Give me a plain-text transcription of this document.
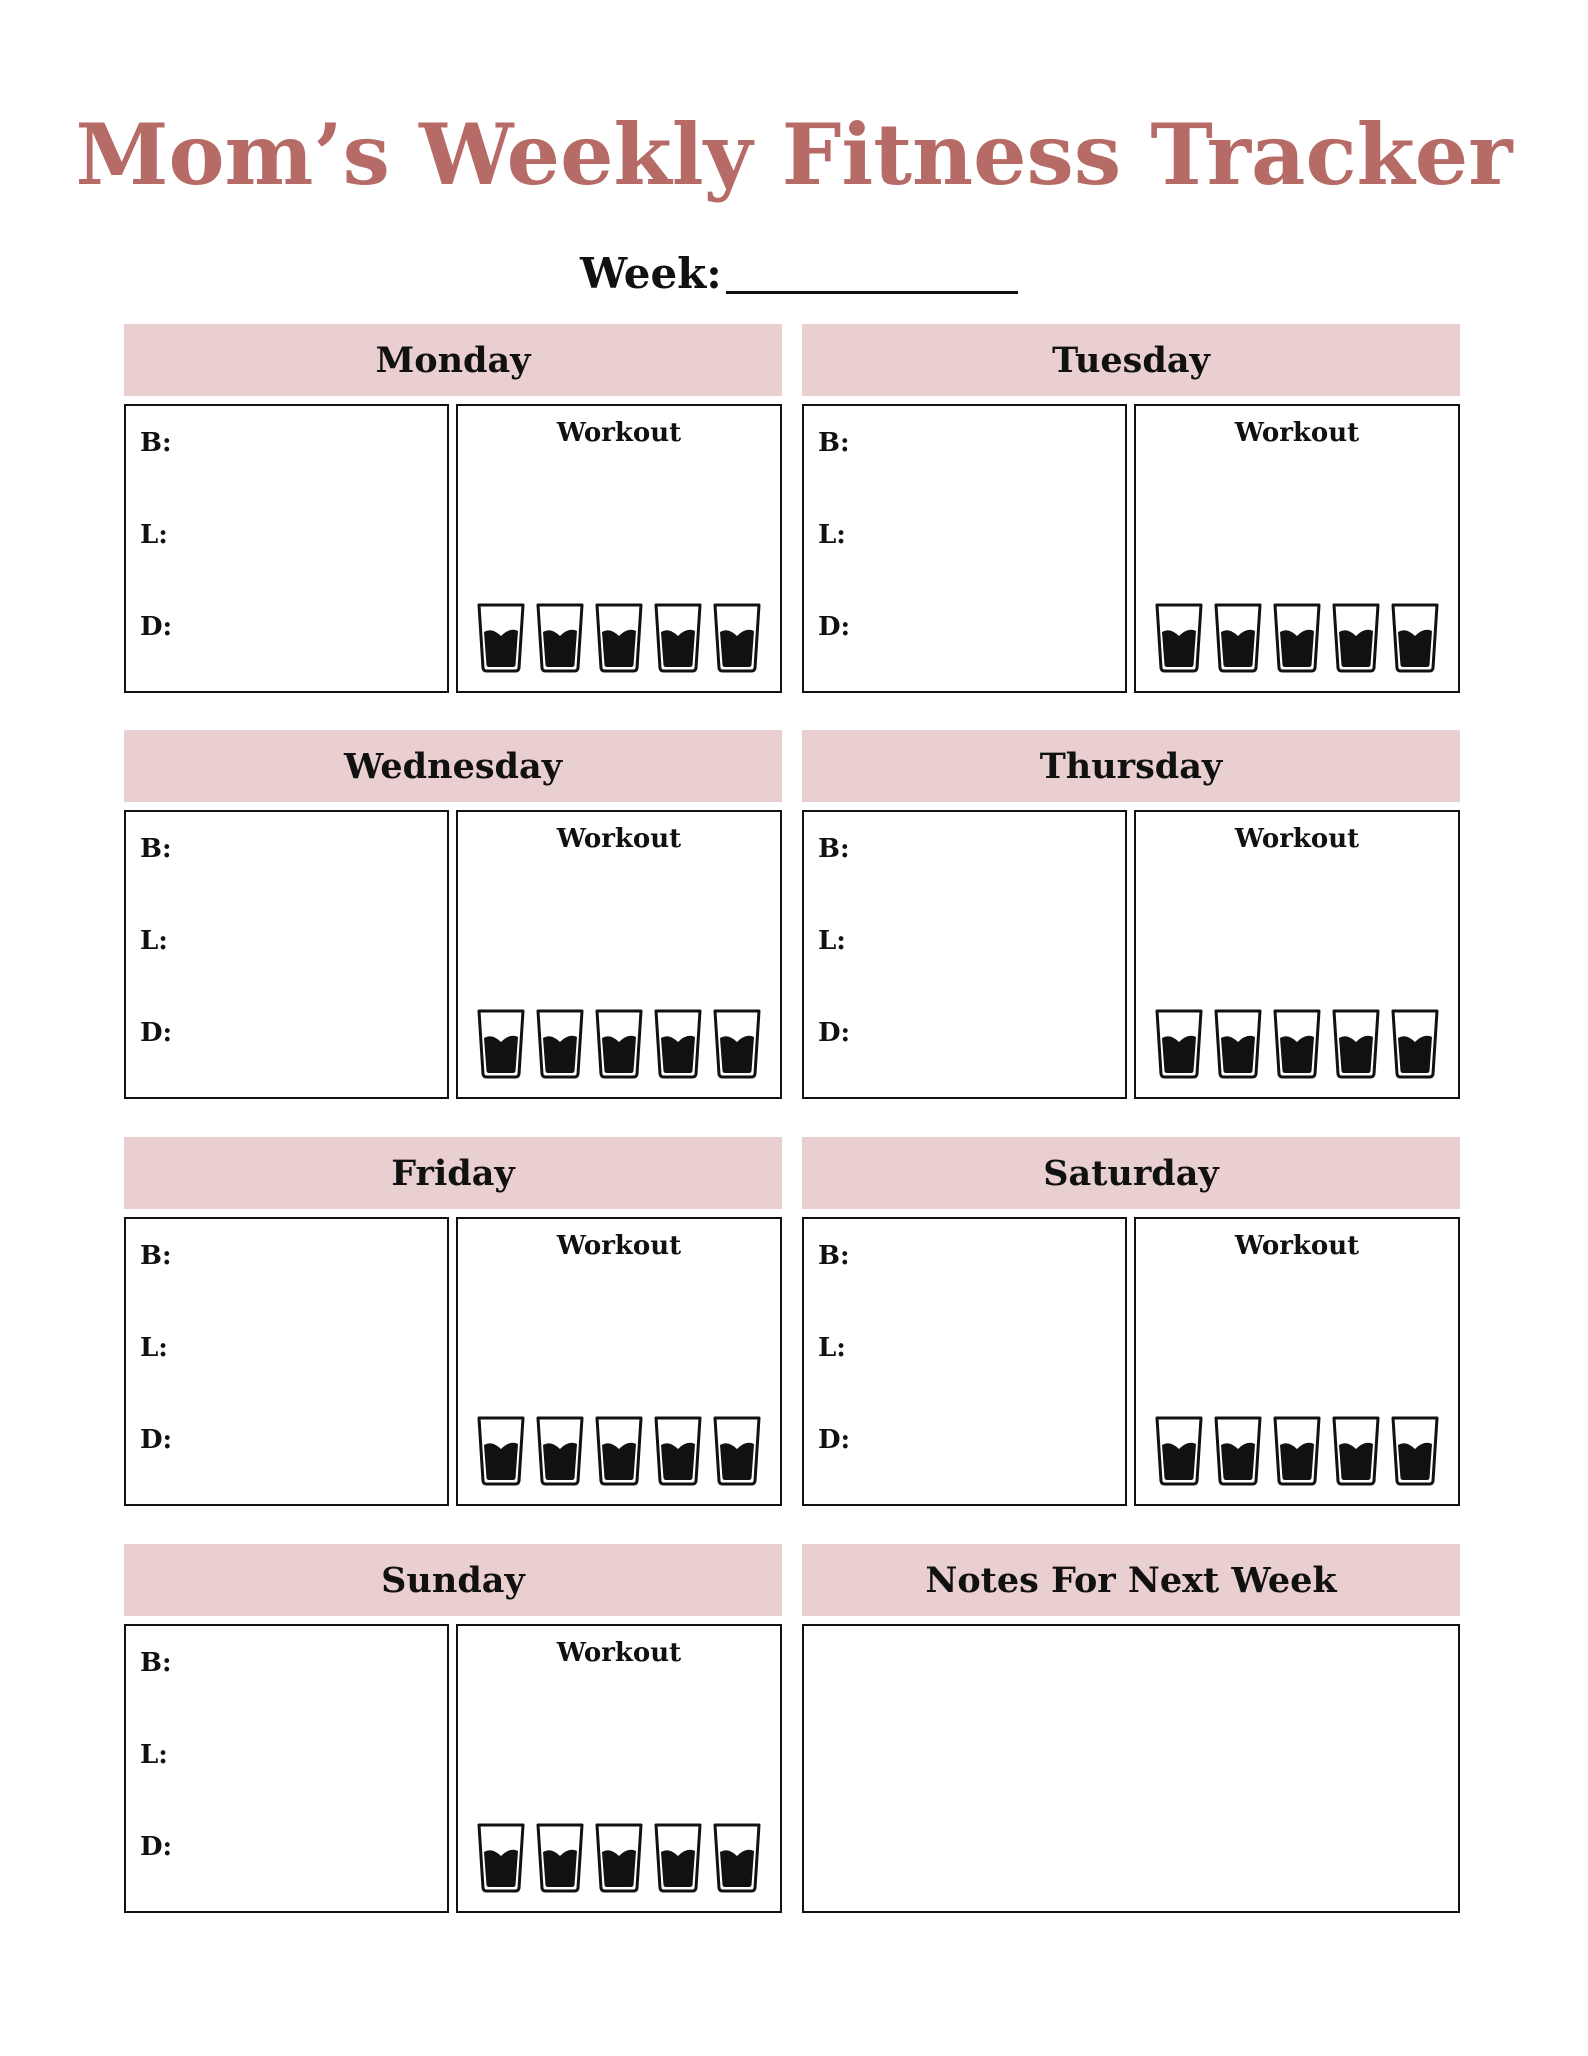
Mom’s Weekly Fitness Tracker
Week:
Monday
B:
L:
D:
Workout
Tuesday
B:
L:
D:
Workout
Wednesday
B:
L:
D:
Workout
Thursday
B:
L:
D:
Workout
Friday
B:
L:
D:
Workout
Saturday
B:
L:
D:
Workout
Sunday
B:
L:
D:
Workout
Notes For Next Week
